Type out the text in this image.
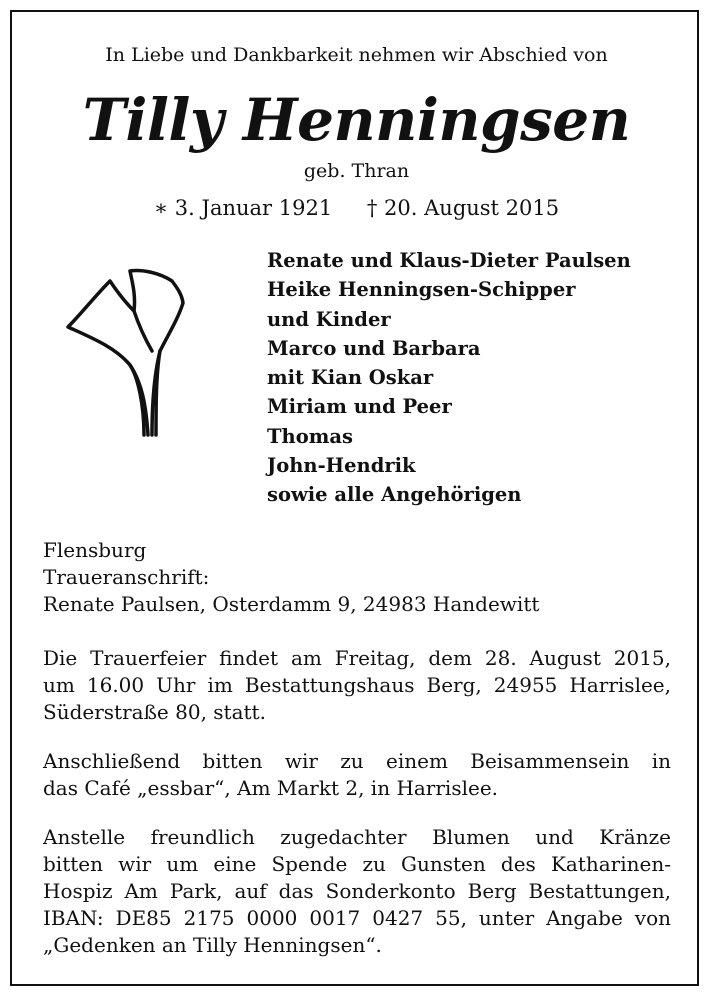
In Liebe und Dankbarkeit nehmen wir Abschied von
Tilly Henningsen
geb. Thran
∗ 3. Januar 1921 † 20. August 2015
Renate und Klaus-Dieter Paulsen
Heike Henningsen-Schipper
und Kinder
Marco und Barbara
mit Kian Oskar
Miriam und Peer
Thomas
John-Hendrik
sowie alle Angehörigen
Flensburg
Traueranschrift:
Renate Paulsen, Osterdamm 9, 24983 Handewitt
Die Trauerfeier findet am Freitag, dem 28. August 2015,
um 16.00 Uhr im Bestattungshaus Berg, 24955 Harrislee,
Süderstraße 80, statt.
Anschließend bitten wir zu einem Beisammensein in
das Café „essbar“, Am Markt 2, in Harrislee.
Anstelle freundlich zugedachter Blumen und Kränze
bitten wir um eine Spende zu Gunsten des Katharinen-
Hospiz Am Park, auf das Sonderkonto Berg Bestattungen,
IBAN: DE85 2175 0000 0017 0427 55, unter Angabe von
„Gedenken an Tilly Henningsen“.
